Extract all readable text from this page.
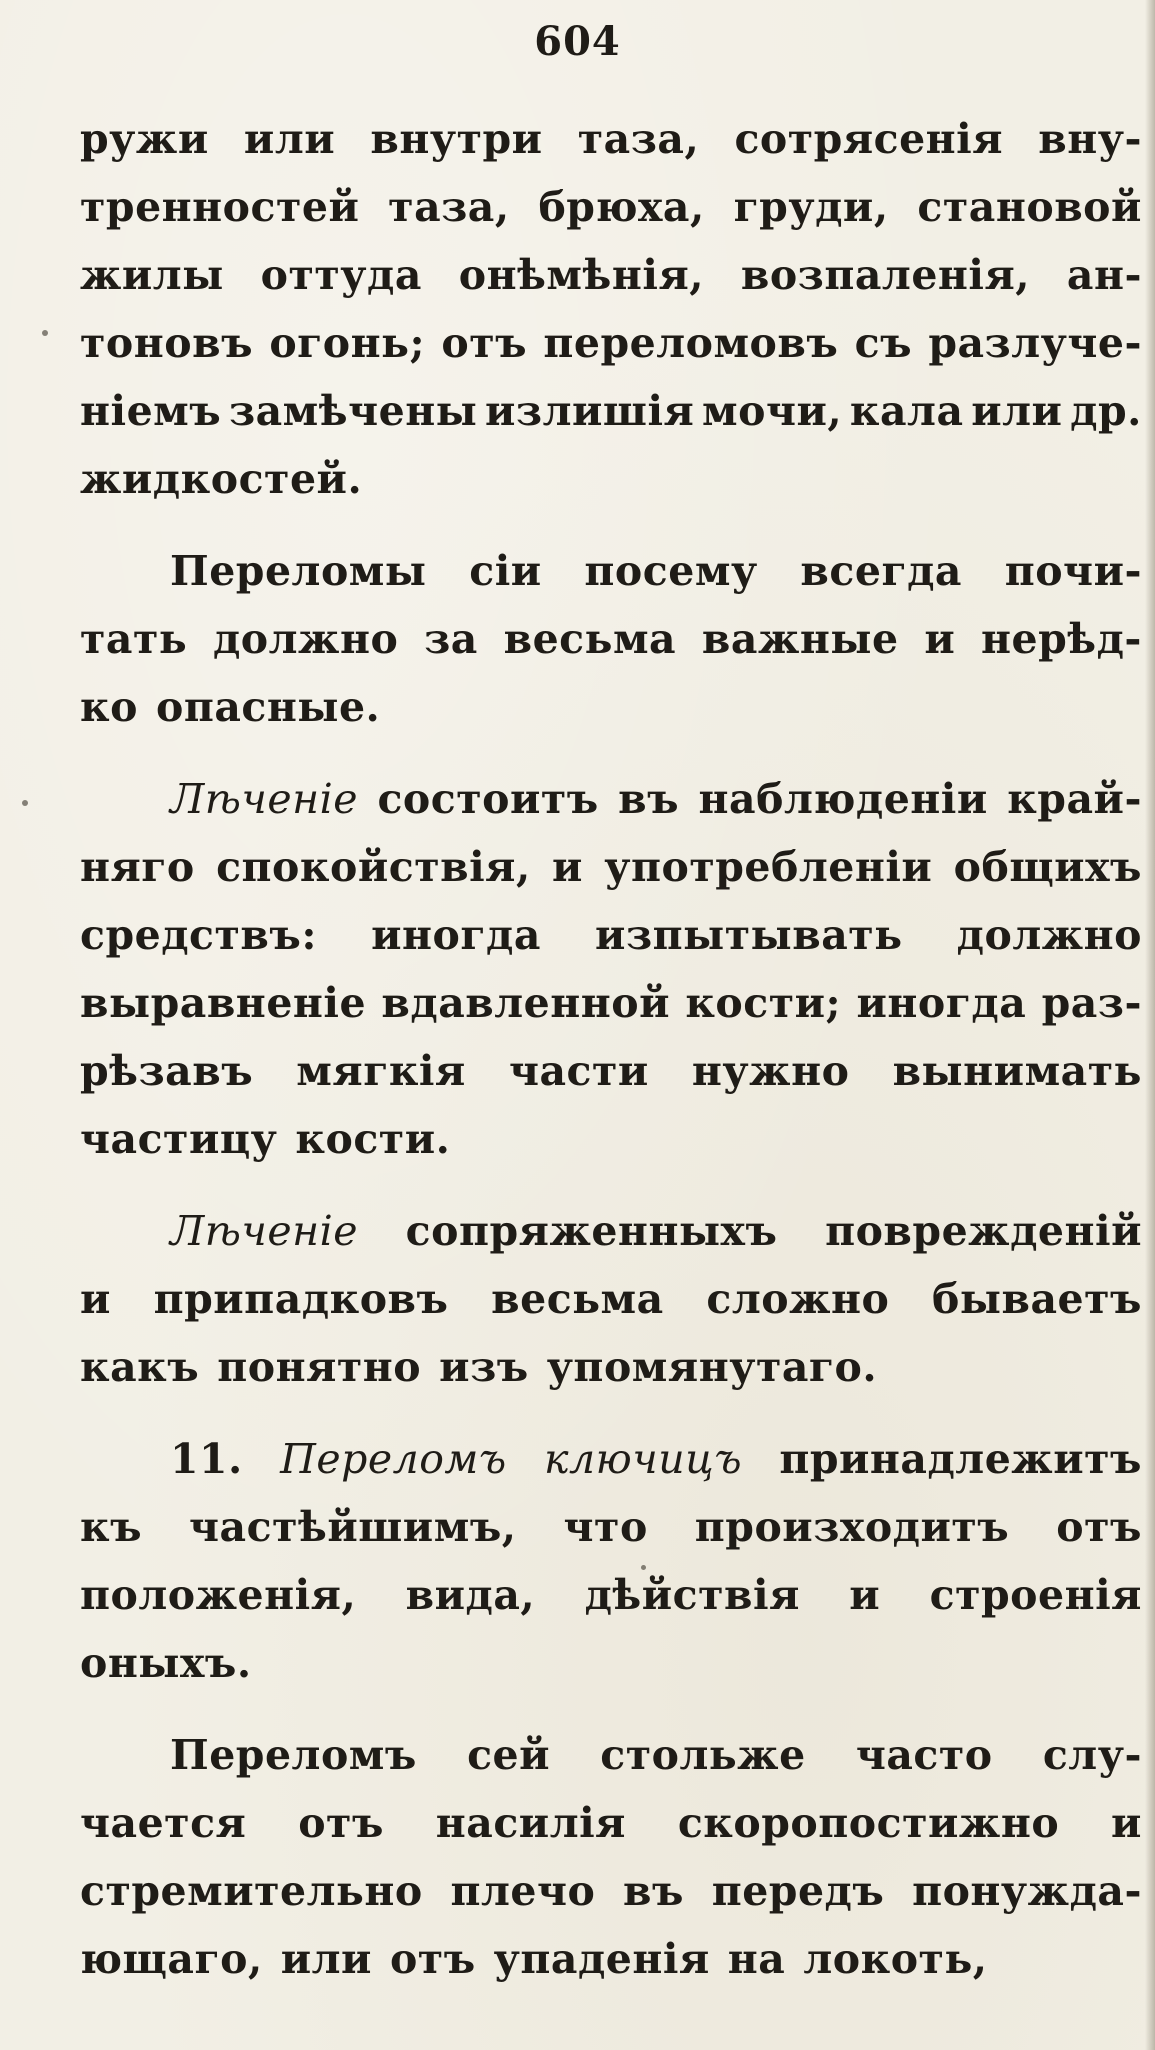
604
ружи или внутри таза, сотрясенія вну-
тренностей таза, брюха, груди, становой
жилы оттуда онѣмѣнія, возпаленія, ан-
тоновъ огонь; отъ переломовъ съ разлуче-
ніемъ замѣчены излишія мочи, кала или др.
жидкостей.
Переломы сіи посему всегда почи-
тать должно за весьма важные и нерѣд-
ко опасные.
Лѣченіе состоитъ въ наблюденіи край-
няго спокойствія, и употребленіи общихъ
средствъ: иногда изпытывать должно
выравненіе вдавленной кости; иногда раз-
рѣзавъ мягкія части нужно вынимать
частицу кости.
Лѣченіе сопряженныхъ поврежденій
и припадковъ весьма сложно бываетъ
какъ понятно изъ упомянутаго.
11. Переломъ ключицъ принадлежитъ
къ частѣйшимъ, что произходитъ отъ
положенія, вида, дѣйствія и строенія
оныхъ.
Переломъ сей стольже часто слу-
чается отъ насилія скоропостижно и
стремительно плечо въ передъ понужда-
ющаго, или отъ упаденія на локоть,
